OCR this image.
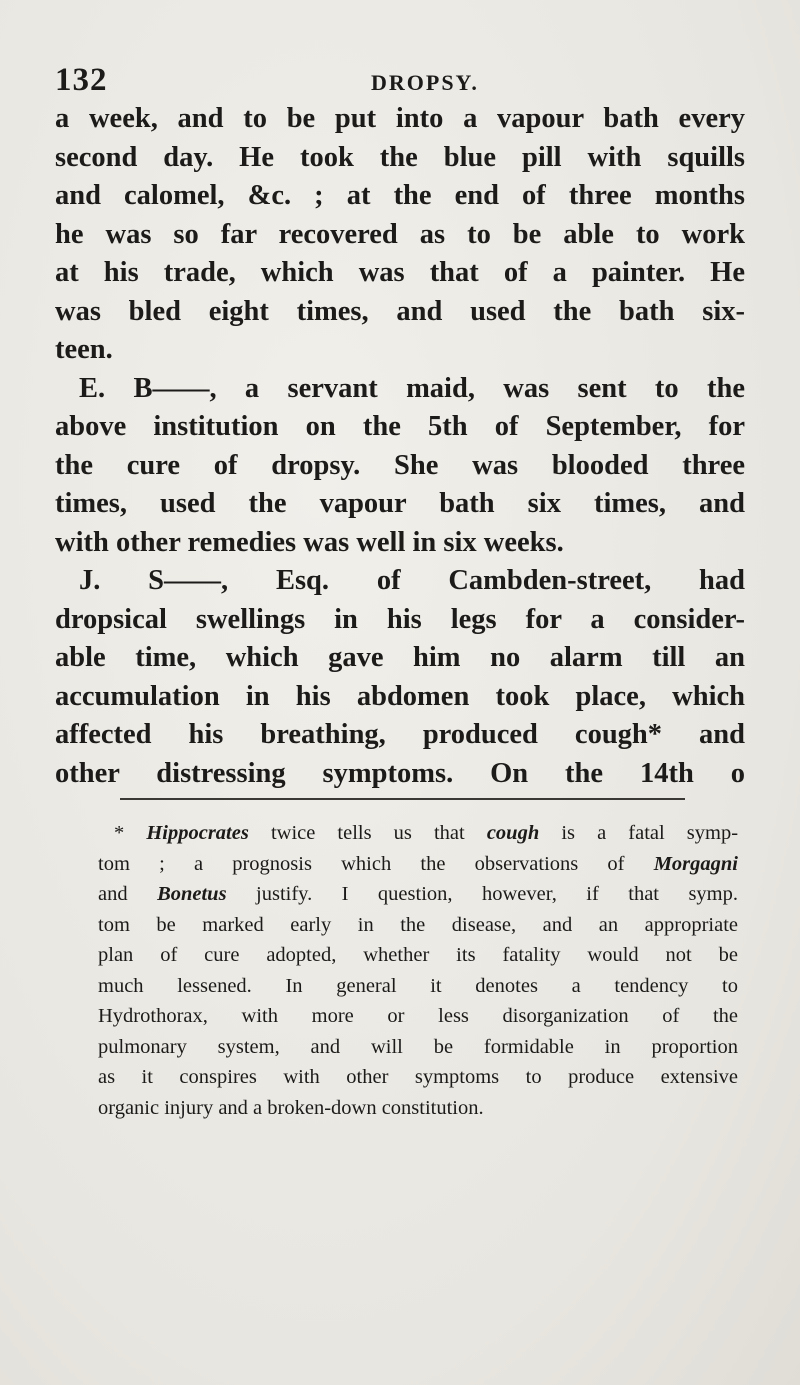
132	DROPSY.
a week, and to be put into a vapour bath every
second day. He took the blue pill with squills
and calomel, &c. ; at the end of three months
he was so far recovered as to be able to work
at his trade, which was that of a painter. He
was bled eight times, and used the bath six-
teen.
E. B——, a servant maid, was sent to the
above institution on the 5th of September, for
the cure of dropsy. She was blooded three
times, used the vapour bath six times, and
with other remedies was well in six weeks.
J. S——, Esq. of Cambden-street, had
dropsical swellings in his legs for a consider-
able time, which gave him no alarm till an
accumulation in his abdomen took place, which
affected his breathing, produced cough* and
other distressing symptoms. On the 14th o
* Hippocrates twice tells us that cough is a fatal symp-
tom ; a prognosis which the observations of Morgagni
and Bonetus justify. I question, however, if that symp.
tom be marked early in the disease, and an appropriate
plan of cure adopted, whether its fatality would not be
much lessened. In general it denotes a tendency to
Hydrothorax, with more or less disorganization of the
pulmonary system, and will be formidable in proportion
as it conspires with other symptoms to produce extensive
organic injury and a broken-down constitution.
